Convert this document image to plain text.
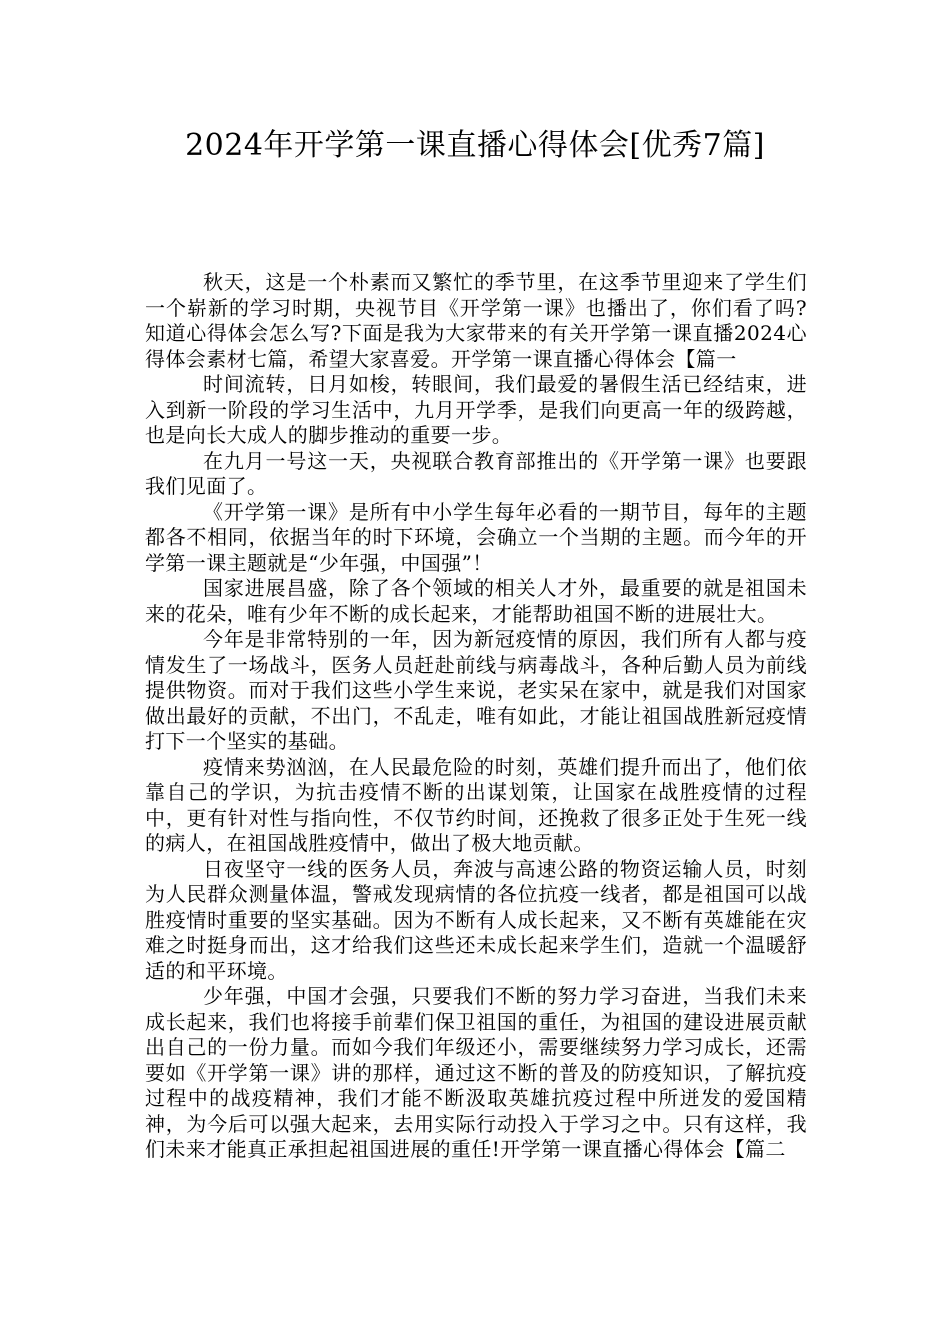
2024年开学第一课直播心得体会[优秀7篇]

秋天，这是一个朴素而又繁忙的季节里，在这季节里迎来了学生们一个崭新的学习时期，央视节目《开学第一课》也播出了，你们看了吗?知道心得体会怎么写?下面是我为大家带来的有关开学第一课直播2024心得体会素材七篇，希望大家喜爱。开学第一课直播心得体会【篇一

时间流转，日月如梭，转眼间，我们最爱的暑假生活已经结束，进入到新一阶段的学习生活中，九月开学季，是我们向更高一年的级跨越，也是向长大成人的脚步推动的重要一步。

在九月一号这一天，央视联合教育部推出的《开学第一课》也要跟我们见面了。

《开学第一课》是所有中小学生每年必看的一期节目，每年的主题都各不相同，依据当年的时下环境，会确立一个当期的主题。而今年的开学第一课主题就是“少年强，中国强”！

国家进展昌盛，除了各个领域的相关人才外，最重要的就是祖国未来的花朵，唯有少年不断的成长起来，才能帮助祖国不断的进展壮大。

今年是非常特别的一年，因为新冠疫情的原因，我们所有人都与疫情发生了一场战斗，医务人员赶赴前线与病毒战斗，各种后勤人员为前线提供物资。而对于我们这些小学生来说，老实呆在家中，就是我们对国家做出最好的贡献，不出门，不乱走，唯有如此，才能让祖国战胜新冠疫情打下一个坚实的基础。

疫情来势汹汹，在人民最危险的时刻，英雄们提升而出了，他们依靠自己的学识，为抗击疫情不断的出谋划策，让国家在战胜疫情的过程中，更有针对性与指向性，不仅节约时间，还挽救了很多正处于生死一线的病人，在祖国战胜疫情中，做出了极大地贡献。

日夜坚守一线的医务人员，奔波与高速公路的物资运输人员，时刻为人民群众测量体温，警戒发现病情的各位抗疫一线者，都是祖国可以战胜疫情时重要的坚实基础。因为不断有人成长起来，又不断有英雄能在灾难之时挺身而出，这才给我们这些还未成长起来学生们，造就一个温暖舒适的和平环境。

少年强，中国才会强，只要我们不断的努力学习奋进，当我们未来成长起来，我们也将接手前辈们保卫祖国的重任，为祖国的建设进展贡献出自己的一份力量。而如今我们年级还小，需要继续努力学习成长，还需要如《开学第一课》讲的那样，通过这不断的普及的防疫知识，了解抗疫过程中的战疫精神，我们才能不断汲取英雄抗疫过程中所迸发的爱国精神，为今后可以强大起来，去用实际行动投入于学习之中。只有这样，我们未来才能真正承担起祖国进展的重任!开学第一课直播心得体会【篇二
